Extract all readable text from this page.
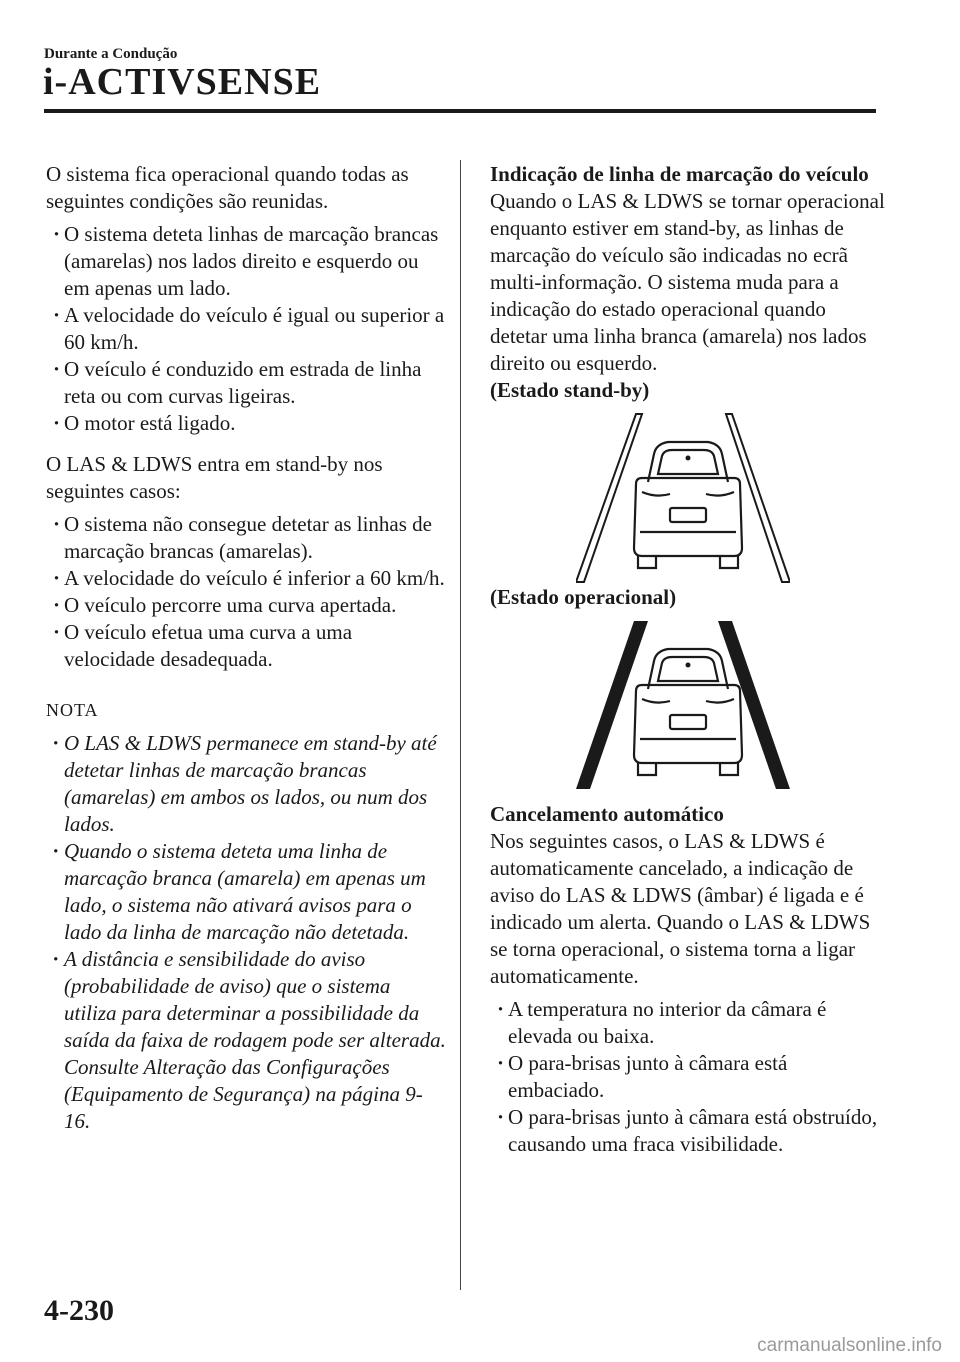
Durante a Condução
i-ACTIVSENSE

O sistema fica operacional quando todas as seguintes condições são reunidas.

· O sistema deteta linhas de marcação brancas (amarelas) nos lados direito e esquerdo ou em apenas um lado.
· A velocidade do veículo é igual ou superior a 60 km/h.
· O veículo é conduzido em estrada de linha reta ou com curvas ligeiras.
· O motor está ligado.

O LAS & LDWS entra em stand-by nos seguintes casos:

· O sistema não consegue detetar as linhas de marcação brancas (amarelas).
· A velocidade do veículo é inferior a 60 km/h.
· O veículo percorre uma curva apertada.
· O veículo efetua uma curva a uma velocidade desadequada.

NOTA

· O LAS & LDWS permanece em stand-by até detetar linhas de marcação brancas (amarelas) em ambos os lados, ou num dos lados.
· Quando o sistema deteta uma linha de marcação branca (amarela) em apenas um lado, o sistema não ativará avisos para o lado da linha de marcação não detetada.
· A distância e sensibilidade do aviso (probabilidade de aviso) que o sistema utiliza para determinar a possibilidade da saída da faixa de rodagem pode ser alterada.
Consulte Alteração das Configurações (Equipamento de Segurança) na página 9-16.

Indicação de linha de marcação do veículo

Quando o LAS & LDWS se tornar operacional enquanto estiver em stand-by, as linhas de marcação do veículo são indicadas no ecrã multi-informação. O sistema muda para a indicação do estado operacional quando detetar uma linha branca (amarela) nos lados direito ou esquerdo.

(Estado stand-by)

(Estado operacional)

Cancelamento automático

Nos seguintes casos, o LAS & LDWS é automaticamente cancelado, a indicação de aviso do LAS & LDWS (âmbar) é ligada e é indicado um alerta. Quando o LAS & LDWS se torna operacional, o sistema torna a ligar automaticamente.

· A temperatura no interior da câmara é elevada ou baixa.
· O para-brisas junto à câmara está embaciado.
· O para-brisas junto à câmara está obstruído, causando uma fraca visibilidade.
4-230
carmanualsonline.info
